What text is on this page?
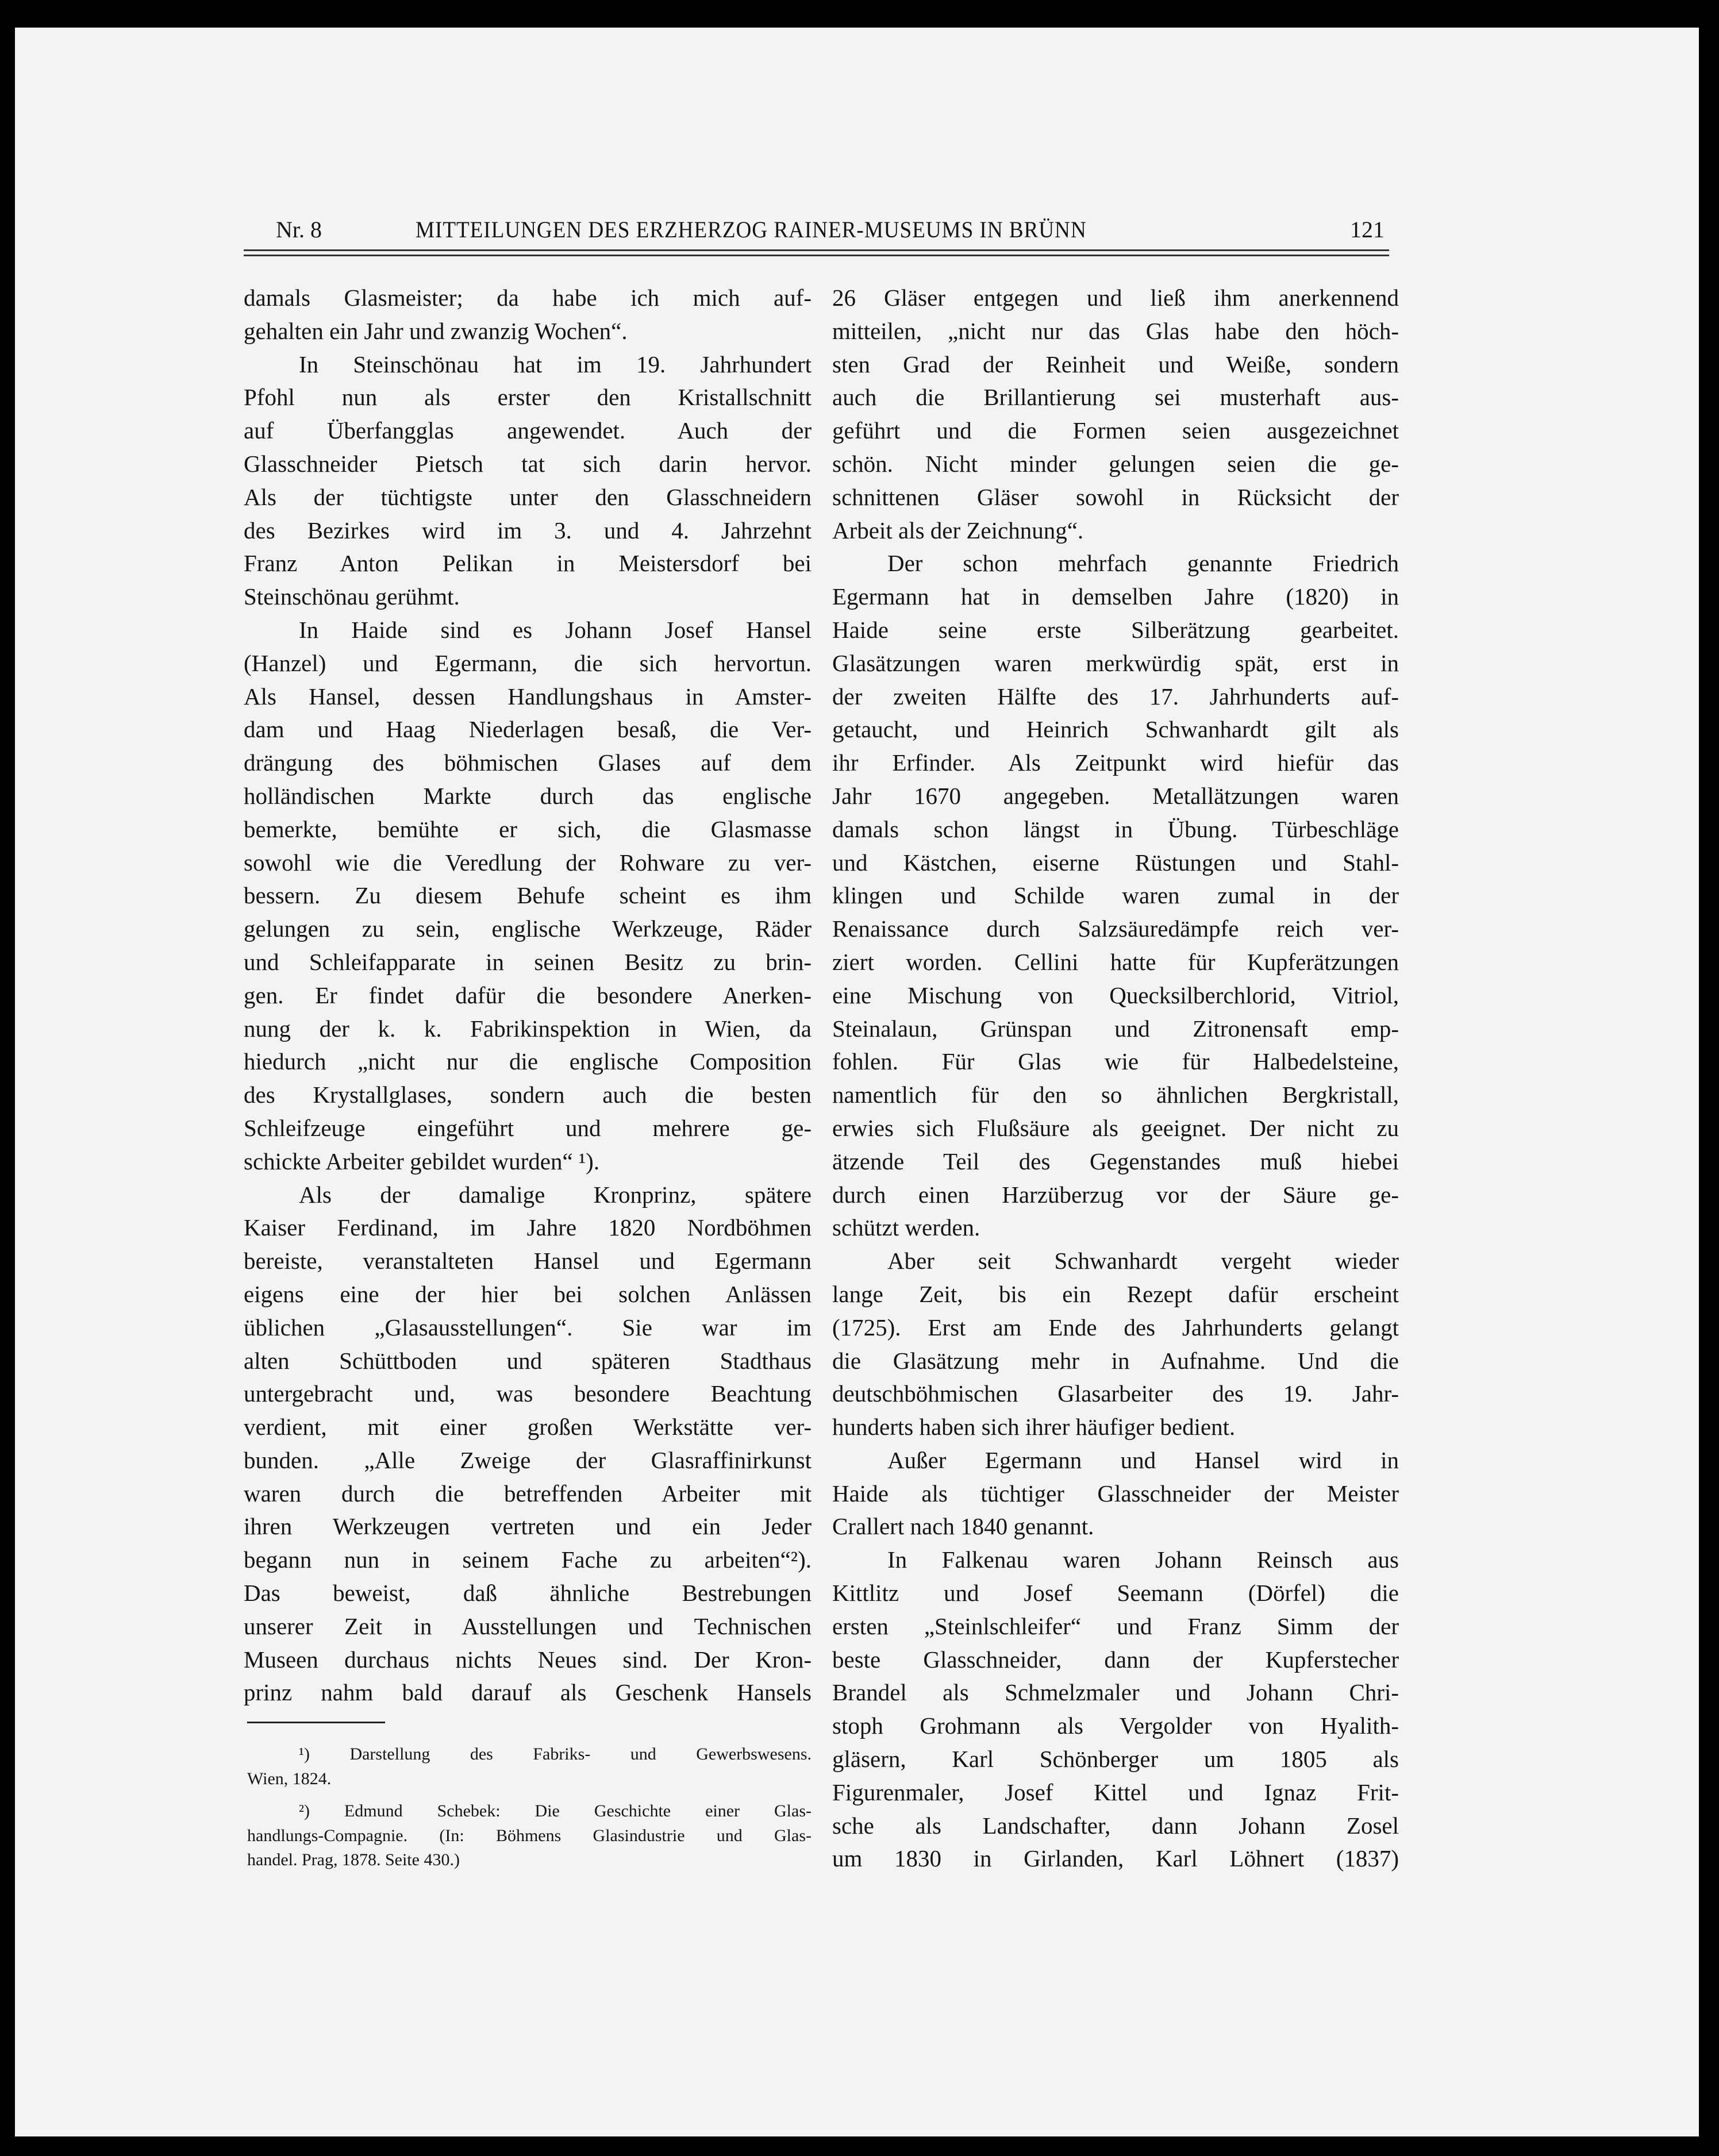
Nr. 8	MITTEILUNGEN DES ERZHERZOG RAINER-MUSEUMS IN BRÜNN	121
damals Glasmeister; da habe ich mich auf-
gehalten ein Jahr und zwanzig Wochen“.
In Steinschönau hat im 19. Jahrhundert
Pfohl nun als erster den Kristallschnitt
auf Überfangglas angewendet. Auch der
Glasschneider Pietsch tat sich darin hervor.
Als der tüchtigste unter den Glasschneidern
des Bezirkes wird im 3. und 4. Jahrzehnt
Franz Anton Pelikan in Meistersdorf bei
Steinschönau gerühmt.
In Haide sind es Johann Josef Hansel
(Hanzel) und Egermann, die sich hervortun.
Als Hansel, dessen Handlungshaus in Amster-
dam und Haag Niederlagen besaß, die Ver-
drängung des böhmischen Glases auf dem
holländischen Markte durch das englische
bemerkte, bemühte er sich, die Glasmasse
sowohl wie die Veredlung der Rohware zu ver-
bessern. Zu diesem Behufe scheint es ihm
gelungen zu sein, englische Werkzeuge, Räder
und Schleifapparate in seinen Besitz zu brin-
gen. Er findet dafür die besondere Anerken-
nung der k. k. Fabrikinspektion in Wien, da
hiedurch „nicht nur die englische Composition
des Krystallglases, sondern auch die besten
Schleifzeuge eingeführt und mehrere ge-
schickte Arbeiter gebildet wurden“ ¹).
Als der damalige Kronprinz, spätere
Kaiser Ferdinand, im Jahre 1820 Nordböhmen
bereiste, veranstalteten Hansel und Egermann
eigens eine der hier bei solchen Anlässen
üblichen „Glasausstellungen“. Sie war im
alten Schüttboden und späteren Stadthaus
untergebracht und, was besondere Beachtung
verdient, mit einer großen Werkstätte ver-
bunden. „Alle Zweige der Glasraffinirkunst
waren durch die betreffenden Arbeiter mit
ihren Werkzeugen vertreten und ein Jeder
begann nun in seinem Fache zu arbeiten“²).
Das beweist, daß ähnliche Bestrebungen
unserer Zeit in Ausstellungen und Technischen
Museen durchaus nichts Neues sind. Der Kron-
prinz nahm bald darauf als Geschenk Hansels
26 Gläser entgegen und ließ ihm anerkennend
mitteilen, „nicht nur das Glas habe den höch-
sten Grad der Reinheit und Weiße, sondern
auch die Brillantierung sei musterhaft aus-
geführt und die Formen seien ausgezeichnet
schön. Nicht minder gelungen seien die ge-
schnittenen Gläser sowohl in Rücksicht der
Arbeit als der Zeichnung“.
Der schon mehrfach genannte Friedrich
Egermann hat in demselben Jahre (1820) in
Haide seine erste Silberätzung gearbeitet.
Glasätzungen waren merkwürdig spät, erst in
der zweiten Hälfte des 17. Jahrhunderts auf-
getaucht, und Heinrich Schwanhardt gilt als
ihr Erfinder. Als Zeitpunkt wird hiefür das
Jahr 1670 angegeben. Metallätzungen waren
damals schon längst in Übung. Türbeschläge
und Kästchen, eiserne Rüstungen und Stahl-
klingen und Schilde waren zumal in der
Renaissance durch Salzsäuredämpfe reich ver-
ziert worden. Cellini hatte für Kupferätzungen
eine Mischung von Quecksilberchlorid, Vitriol,
Steinalaun, Grünspan und Zitronensaft emp-
fohlen. Für Glas wie für Halbedelsteine,
namentlich für den so ähnlichen Bergkristall,
erwies sich Flußsäure als geeignet. Der nicht zu
ätzende Teil des Gegenstandes muß hiebei
durch einen Harzüberzug vor der Säure ge-
schützt werden.
Aber seit Schwanhardt vergeht wieder
lange Zeit, bis ein Rezept dafür erscheint
(1725). Erst am Ende des Jahrhunderts gelangt
die Glasätzung mehr in Aufnahme. Und die
deutschböhmischen Glasarbeiter des 19. Jahr-
hunderts haben sich ihrer häufiger bedient.
Außer Egermann und Hansel wird in
Haide als tüchtiger Glasschneider der Meister
Crallert nach 1840 genannt.
In Falkenau waren Johann Reinsch aus
Kittlitz und Josef Seemann (Dörfel) die
ersten „Steinlschleifer“ und Franz Simm der
beste Glasschneider, dann der Kupferstecher
Brandel als Schmelzmaler und Johann Chri-
stoph Grohmann als Vergolder von Hyalith-
gläsern, Karl Schönberger um 1805 als
Figurenmaler, Josef Kittel und Ignaz Frit-
sche als Landschafter, dann Johann Zosel
um 1830 in Girlanden, Karl Löhnert (1837)
¹) Darstellung des Fabriks- und Gewerbswesens.
Wien, 1824.
²) Edmund Schebek: Die Geschichte einer Glas-
handlungs-Compagnie. (In: Böhmens Glasindustrie und Glas-
handel. Prag, 1878. Seite 430.)
